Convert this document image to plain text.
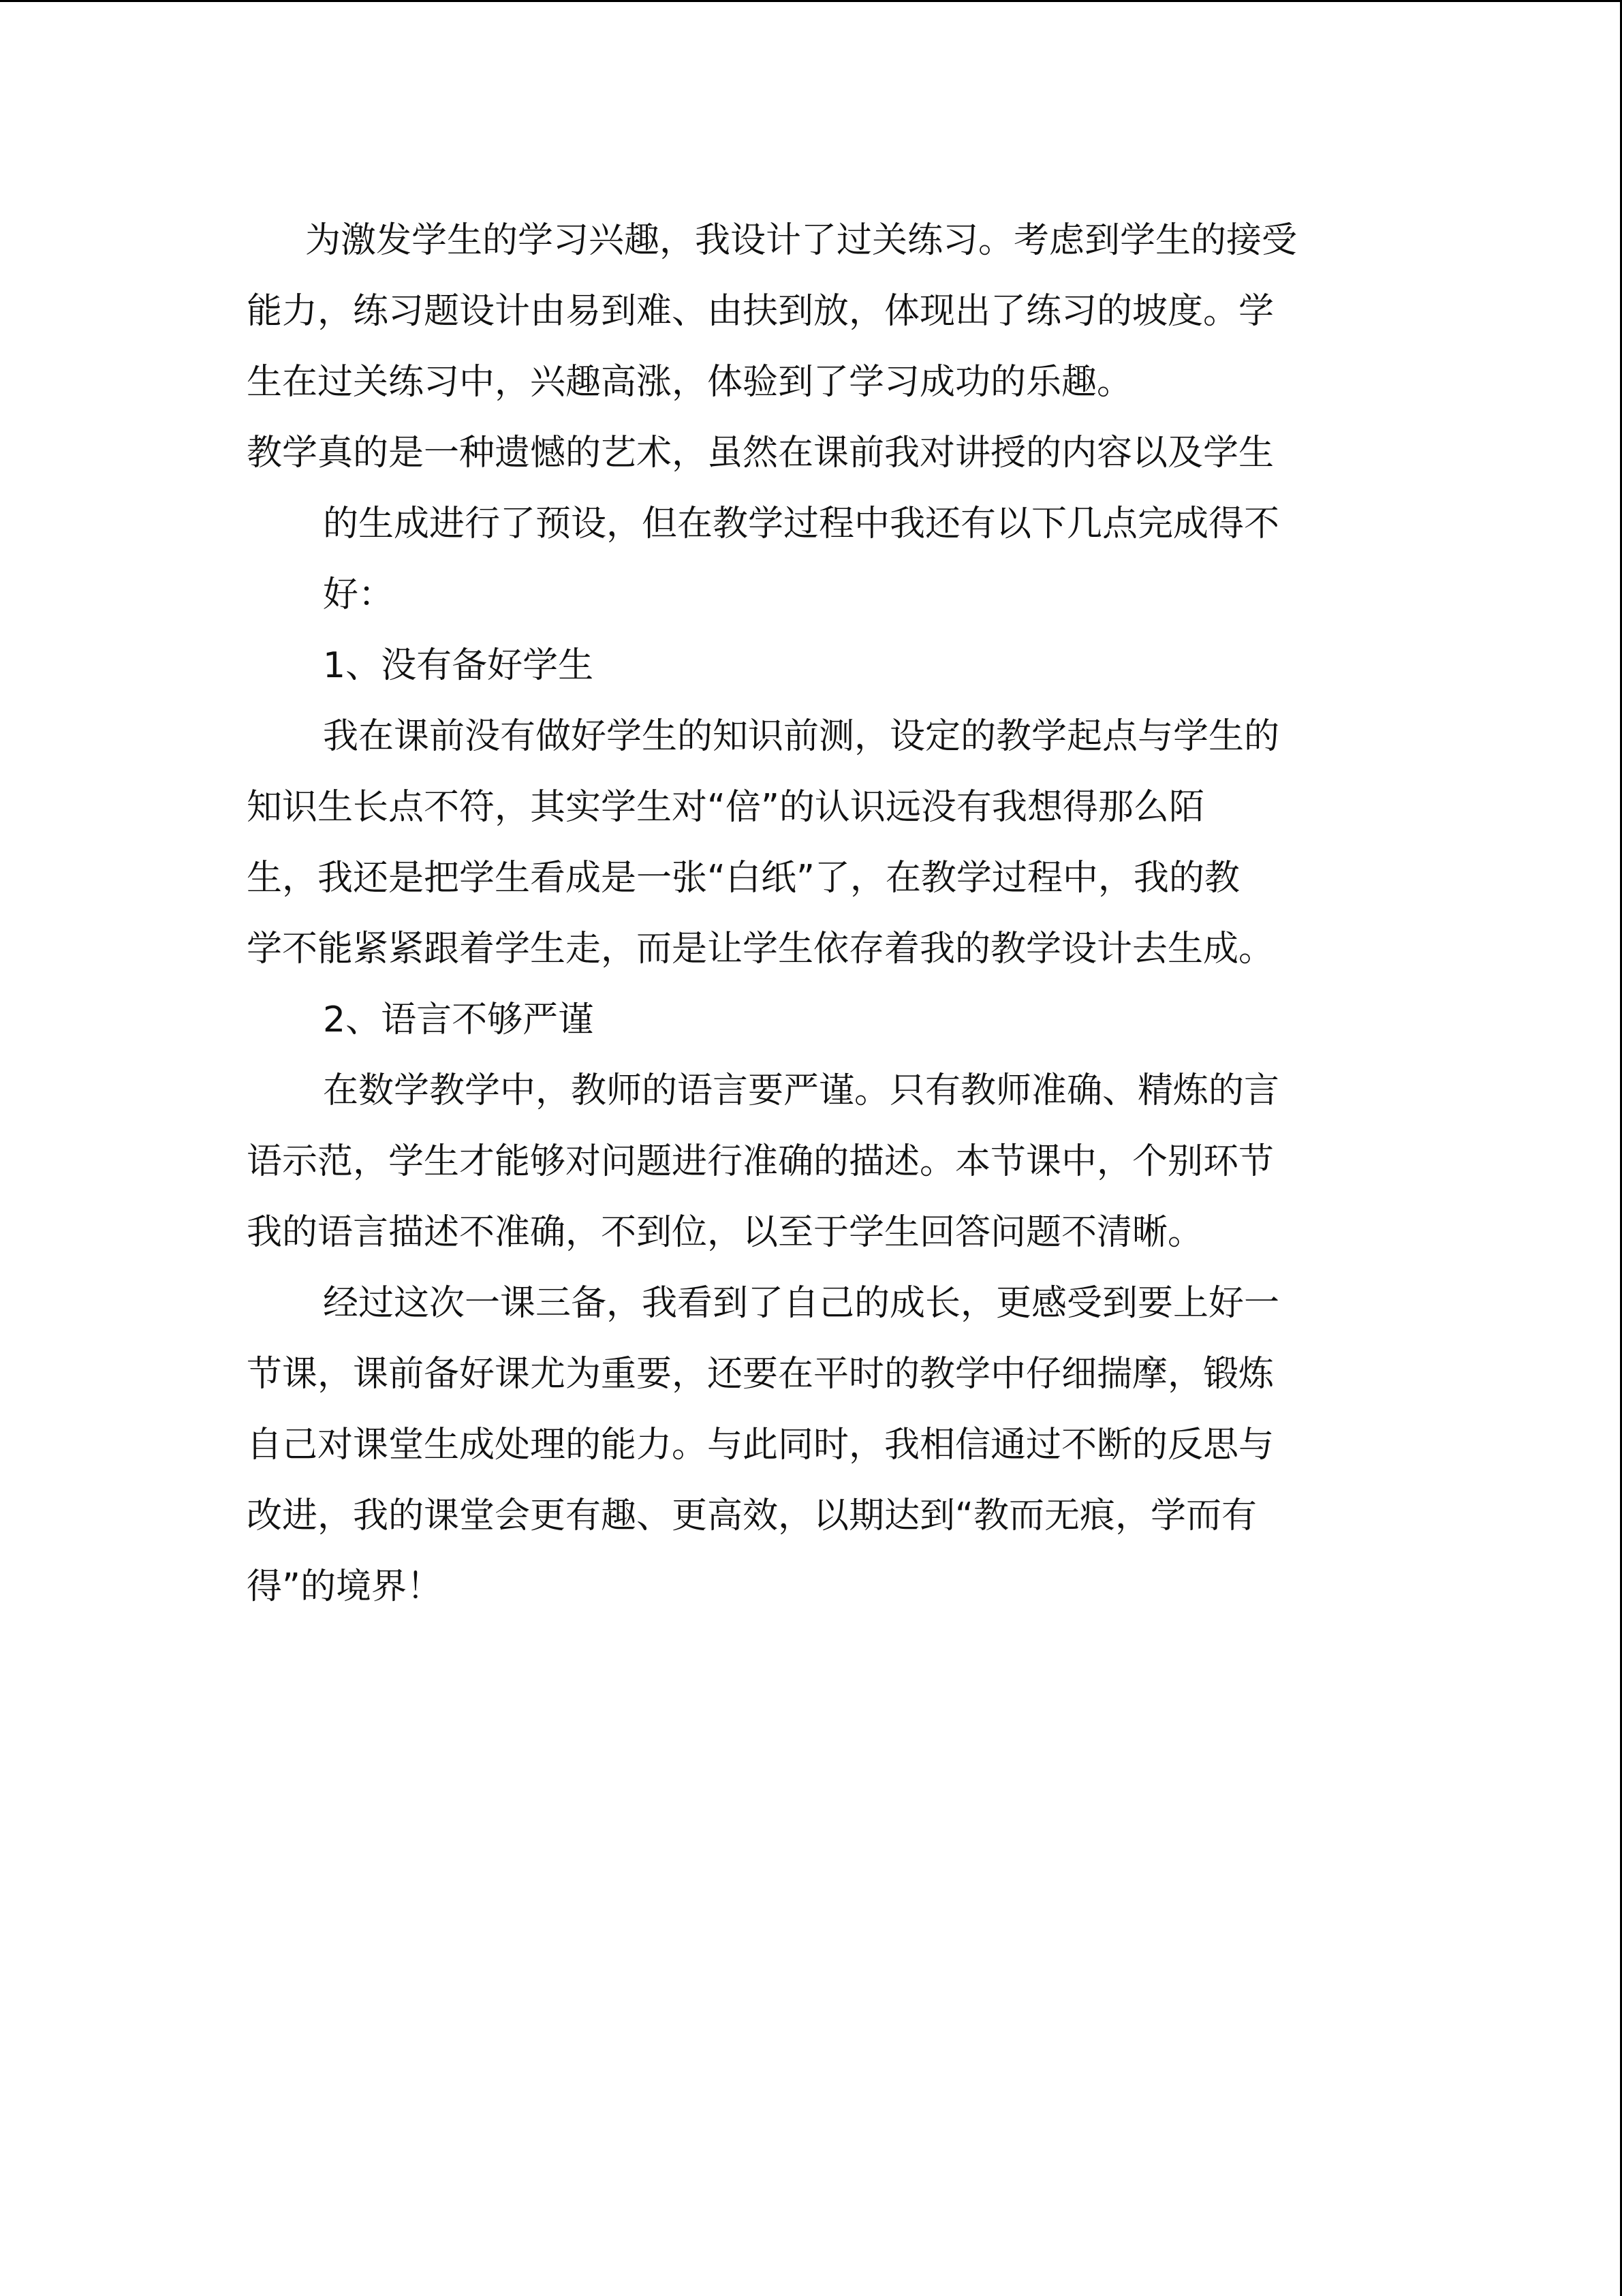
为激发学生的学习兴趣，我设计了过关练习。考虑到学生的接受

能力，练习题设计由易到难、由扶到放，体现出了练习的坡度。学

生在过关练习中，兴趣高涨，体验到了学习成功的乐趣。

教学真的是一种遗憾的艺术，虽然在课前我对讲授的内容以及学生

的生成进行了预设，但在教学过程中我还有以下几点完成得不

好：

1、没有备好学生

我在课前没有做好学生的知识前测，设定的教学起点与学生的

知识生长点不符，其实学生对“倍”的认识远没有我想得那么陌

生，我还是把学生看成是一张“白纸”了，在教学过程中，我的教

学不能紧紧跟着学生走，而是让学生依存着我的教学设计去生成。

2、语言不够严谨

在数学教学中，教师的语言要严谨。只有教师准确、精炼的言

语示范，学生才能够对问题进行准确的描述。本节课中，个别环节

我的语言描述不准确，不到位，以至于学生回答问题不清晰。

经过这次一课三备，我看到了自己的成长，更感受到要上好一

节课，课前备好课尤为重要，还要在平时的教学中仔细揣摩，锻炼

自己对课堂生成处理的能力。与此同时，我相信通过不断的反思与

改进，我的课堂会更有趣、更高效，以期达到“教而无痕，学而有

得”的境界！
